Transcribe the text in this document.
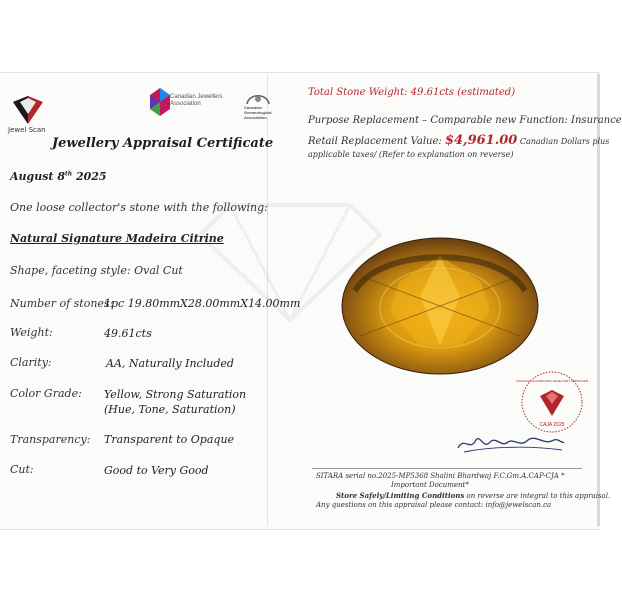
Jewel Scan
Canadian Jewellers Association
Canadian Gemmological Association
Jewellery Appraisal Certificate
August 8th 2025
One loose collector's stone with the following:
Natural Signature Madeira Citrine
Shape, faceting style: Oval Cut
Number of stones:
1pc 19.80mmX28.00mmX14.00mm
Weight:	49.61cts
Clarity:	AA, Naturally Included
Color Grade: Yellow, Strong Saturation
(Hue, Tone, Saturation)
Transparency: Transparent to Opaque
Cut:	Good to Very Good
Total Stone Weight: 49.61cts (estimated)
Purpose Replacement – Comparable new Function: Insurance
Retail Replacement Value: $4,961.00 Canadian Dollars plus
applicable taxes/ (Refer to explanation on reverse)
CAJA 2025
CANADIAN ACCREDITED JEWELLERY APPRAISER
SITARA serial no.2025-MP5368 Shalini Bhardwaj F.C.Gm.A.CAP-CJA *
Important Document*
Store Safely/Limiting Conditions on reverse are integral to this appraisal.
Any questions on this appraisal please contact: info@jewelscan.ca
